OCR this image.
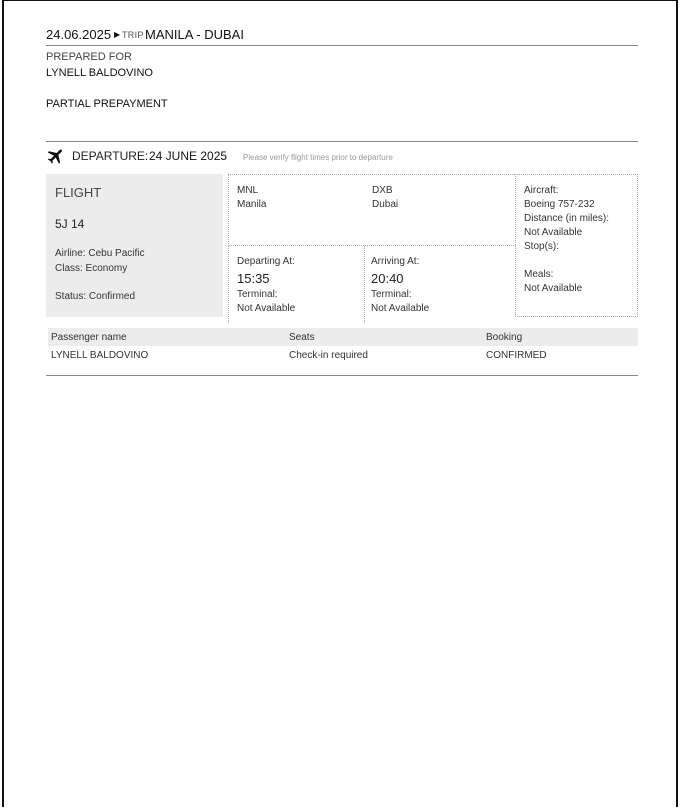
24.06.2025 ▶ TRIP MANILA - DUBAI
PREPARED FOR
LYNELL BALDOVINO
PARTIAL PREPAYMENT
DEPARTURE: 24 JUNE 2025 Please verify flight times prior to departure
FLIGHT
5J 14
Airline: Cebu Pacific
Class: Economy
Status: Confirmed
MNL
Manila
DXB
Dubai
Departing At:
15:35
Terminal:
Not Available
Arriving At:
20:40
Terminal:
Not Available
Aircraft:
Boeing 757-232
Distance (in miles):
Not Available
Stop(s):
Meals:
Not Available
Passenger name	Seats	Booking
LYNELL BALDOVINO	Check-in required	CONFIRMED
